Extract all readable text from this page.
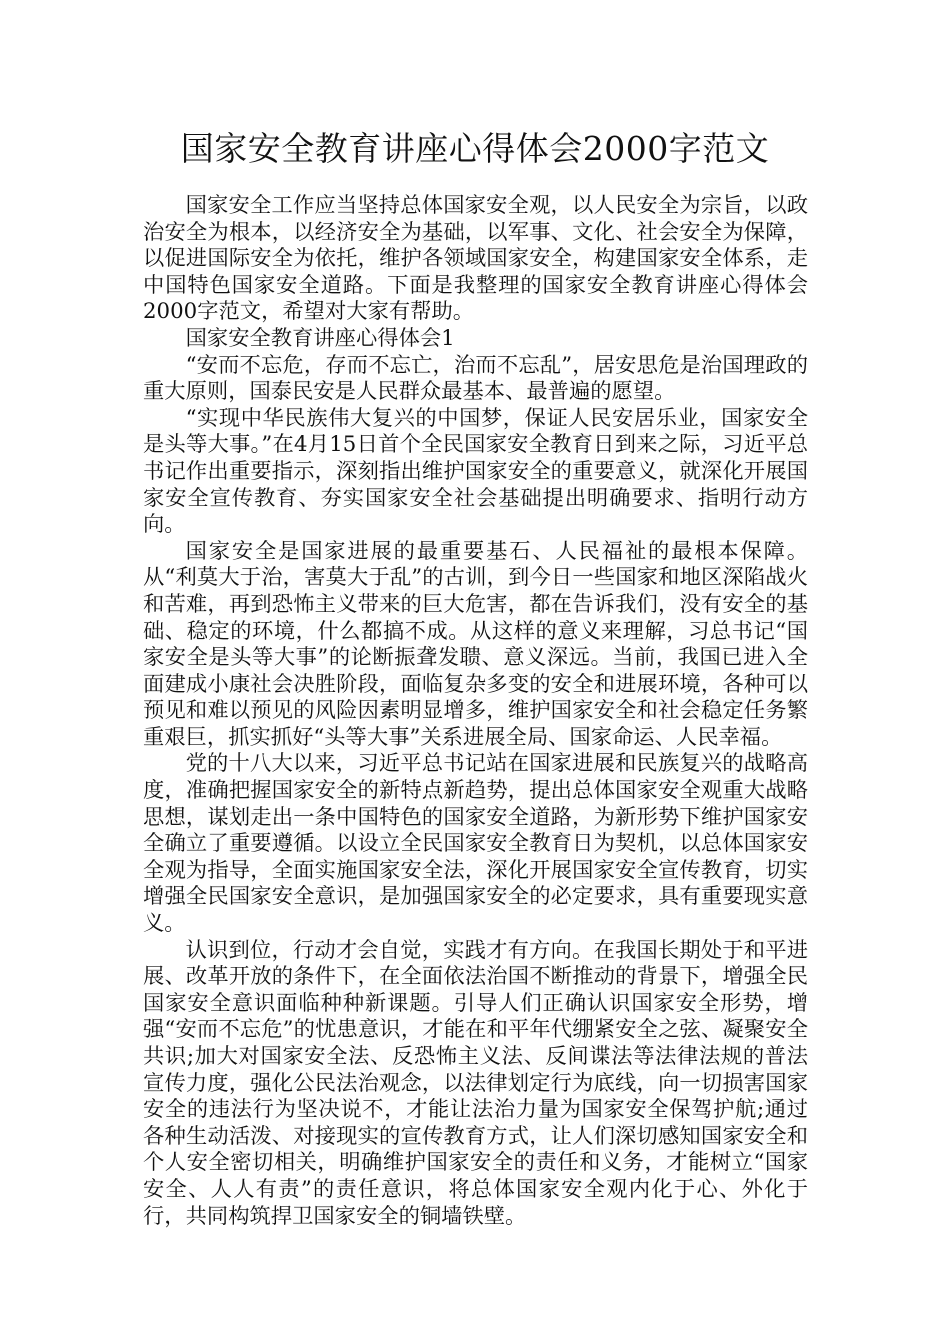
国家安全教育讲座心得体会2000字范文

国家安全工作应当坚持总体国家安全观，以人民安全为宗旨，以政治安全为根本，以经济安全为基础，以军事、文化、社会安全为保障，以促进国际安全为依托，维护各领域国家安全，构建国家安全体系，走中国特色国家安全道路。下面是我整理的国家安全教育讲座心得体会2000字范文，希望对大家有帮助。

国家安全教育讲座心得体会1

“安而不忘危，存而不忘亡，治而不忘乱”，居安思危是治国理政的重大原则，国泰民安是人民群众最基本、最普遍的愿望。

“实现中华民族伟大复兴的中国梦，保证人民安居乐业，国家安全是头等大事。”在4月15日首个全民国家安全教育日到来之际，习近平总书记作出重要指示，深刻指出维护国家安全的重要意义，就深化开展国家安全宣传教育、夯实国家安全社会基础提出明确要求、指明行动方向。

国家安全是国家进展的最重要基石、人民福祉的最根本保障。从“利莫大于治，害莫大于乱”的古训，到今日一些国家和地区深陷战火和苦难，再到恐怖主义带来的巨大危害，都在告诉我们，没有安全的基础、稳定的环境，什么都搞不成。从这样的意义来理解，习总书记“国家安全是头等大事”的论断振聋发聩、意义深远。当前，我国已进入全面建成小康社会决胜阶段，面临复杂多变的安全和进展环境，各种可以预见和难以预见的风险因素明显增多，维护国家安全和社会稳定任务繁重艰巨，抓实抓好“头等大事”关系进展全局、国家命运、人民幸福。

党的十八大以来，习近平总书记站在国家进展和民族复兴的战略高度，准确把握国家安全的新特点新趋势，提出总体国家安全观重大战略思想，谋划走出一条中国特色的国家安全道路，为新形势下维护国家安全确立了重要遵循。以设立全民国家安全教育日为契机，以总体国家安全观为指导，全面实施国家安全法，深化开展国家安全宣传教育，切实增强全民国家安全意识，是加强国家安全的必定要求，具有重要现实意义。

认识到位，行动才会自觉，实践才有方向。在我国长期处于和平进展、改革开放的条件下，在全面依法治国不断推动的背景下，增强全民国家安全意识面临种种新课题。引导人们正确认识国家安全形势，增强“安而不忘危”的忧患意识，才能在和平年代绷紧安全之弦、凝聚安全共识;加大对国家安全法、反恐怖主义法、反间谍法等法律法规的普法宣传力度，强化公民法治观念，以法律划定行为底线，向一切损害国家安全的违法行为坚决说不，才能让法治力量为国家安全保驾护航;通过各种生动活泼、对接现实的宣传教育方式，让人们深切感知国家安全和个人安全密切相关，明确维护国家安全的责任和义务，才能树立“国家安全、人人有责”的责任意识，将总体国家安全观内化于心、外化于行，共同构筑捍卫国家安全的铜墙铁壁。
